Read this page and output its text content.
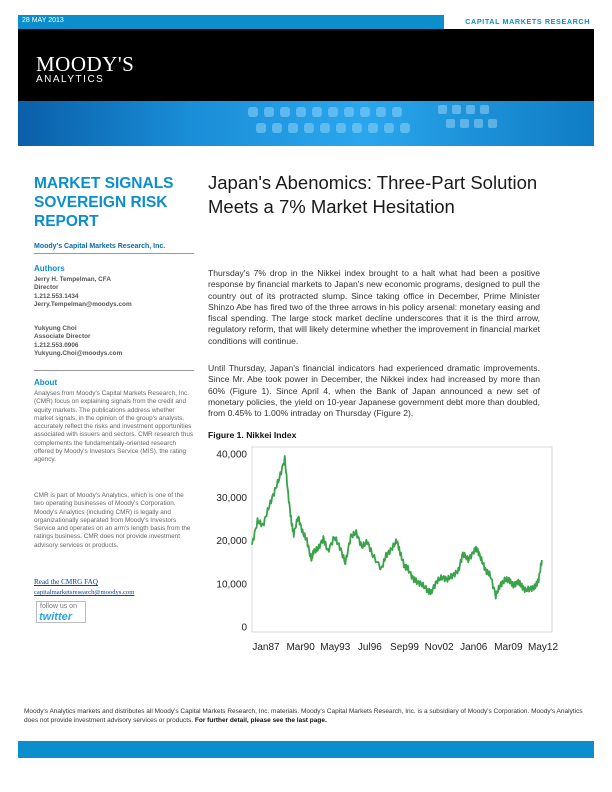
28 MAY 2013	CAPITAL MARKETS RESEARCH
MOODY'S
ANALYTICS
MARKET SIGNALS SOVEREIGN RISK REPORT
Moody's Capital Markets Research, Inc.
Authors
Jerry H. Tempelman, CFA
Director
1.212.553.1434
Jerry.Tempelman@moodys.com
Yukyung Choi
Associate Director
1.212.553.0906
Yukyung.Choi@moodys.com
About
Analyses from Moody's Capital Markets Research, Inc. (CMR) focus on explaining signals from the credit and equity markets. The publications address whether market signals, in the opinion of the group's analysts, accurately reflect the risks and investment opportunities associated with issuers and sectors. CMR research thus complements the fundamentally-oriented research offered by Moody's Investors Service (MIS), the rating agency.
CMR is part of Moody's Analytics, which is one of the two operating businesses of Moody's Corporation. Moody's Analytics (including CMR) is legally and organizationally separated from Moody's Investors Service and operates on an arm's length basis from the ratings business. CMR does not provide investment advisory services or products.
Read the CMRG FAQ
capitalmarketsresearch@moodys.com
follow us on
twitter
Japan's Abenomics: Three-Part Solution Meets a 7% Market Hesitation
Thursday's 7% drop in the Nikkei index brought to a halt what had been a positive response by financial markets to Japan's new economic programs, designed to pull the country out of its protracted slump. Since taking office in December, Prime Minister Shinzo Abe has fired two of the three arrows in his policy arsenal: monetary easing and fiscal spending. The large stock market decline underscores that it is the third arrow, regulatory reform, that will likely determine whether the improvement in financial market conditions will continue.
Until Thursday, Japan's financial indicators had experienced dramatic improvements. Since Mr. Abe took power in December, the Nikkei index had increased by more than 60% (Figure 1). Since April 4, when the Bank of Japan announced a new set of monetary policies, the yield on 10-year Japanese government debt more than doubled, from 0.45% to 1.00% intraday on Thursday (Figure 2).
Figure 1. Nikkei Index
0
10,000
20,000
30,000
40,000
Jan87 Mar90 May93 Jul96 Sep99 Nov02 Jan06 Mar09 May12
Moody's Analytics markets and distributes all Moody's Capital Markets Research, Inc. materials. Moody's Capital Markets Research, Inc. is a subsidiary of Moody's Corporation. Moody's Analytics does not provide investment advisory services or products. For further detail, please see the last page.
